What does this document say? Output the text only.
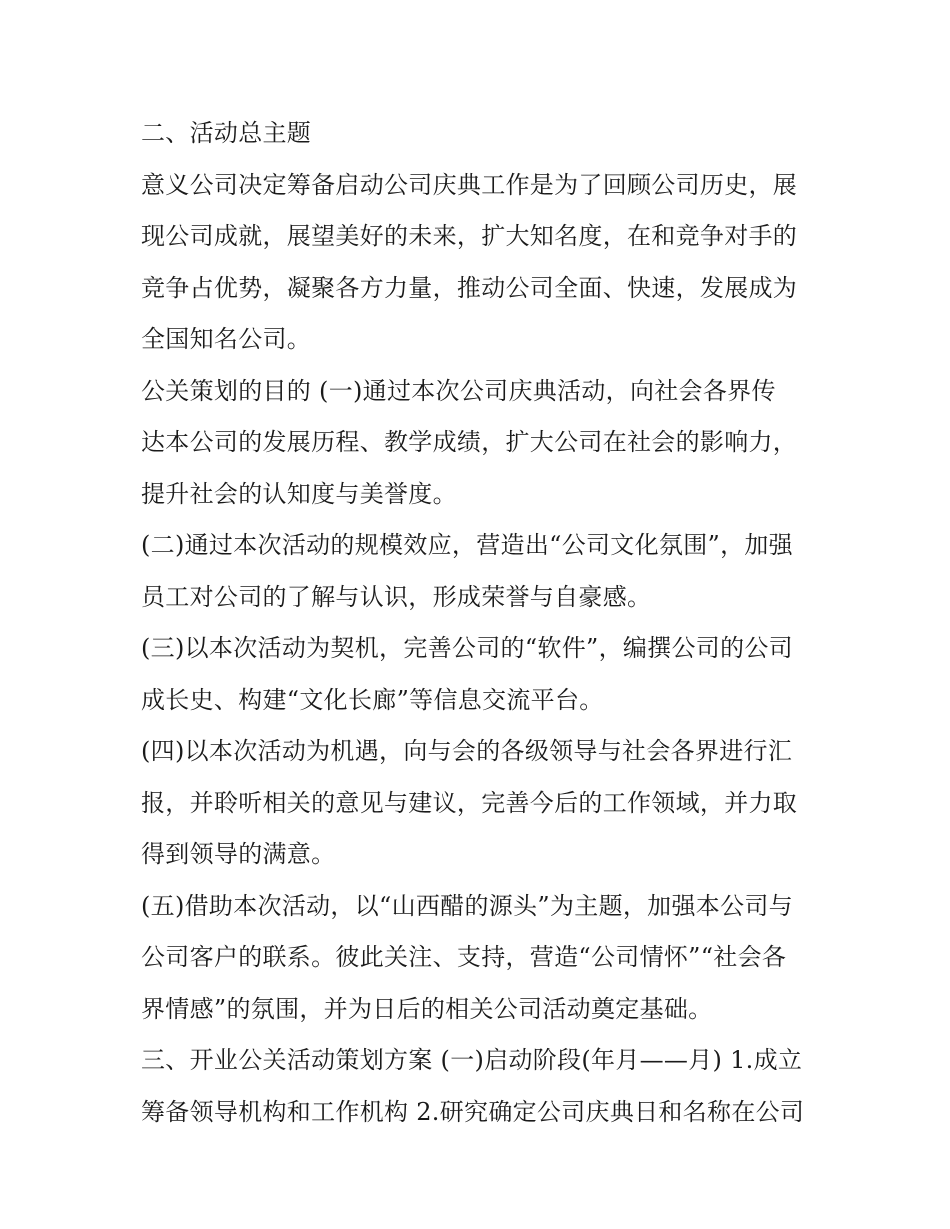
二、活动总主题
意义公司决定筹备启动公司庆典工作是为了回顾公司历史，展
现公司成就，展望美好的未来，扩大知名度，在和竞争对手的
竞争占优势，凝聚各方力量，推动公司全面、快速，发展成为
全国知名公司。
公关策划的目的 (一)通过本次公司庆典活动，向社会各界传
达本公司的发展历程、教学成绩，扩大公司在社会的影响力，
提升社会的认知度与美誉度。
(二)通过本次活动的规模效应，营造出“公司文化氛围”，加强
员工对公司的了解与认识，形成荣誉与自豪感。
(三)以本次活动为契机，完善公司的“软件”，编撰公司的公司
成长史、构建“文化长廊”等信息交流平台。
(四)以本次活动为机遇，向与会的各级领导与社会各界进行汇
报，并聆听相关的意见与建议，完善今后的工作领域，并力取
得到领导的满意。
(五)借助本次活动，以“山西醋的源头”为主题，加强本公司与
公司客户的联系。彼此关注、支持，营造“公司情怀”“社会各
界情感”的氛围，并为日后的相关公司活动奠定基础。
三、开业公关活动策划方案 (一)启动阶段(年月——月) 1.成立
筹备领导机构和工作机构 2.研究确定公司庆典日和名称在公司
